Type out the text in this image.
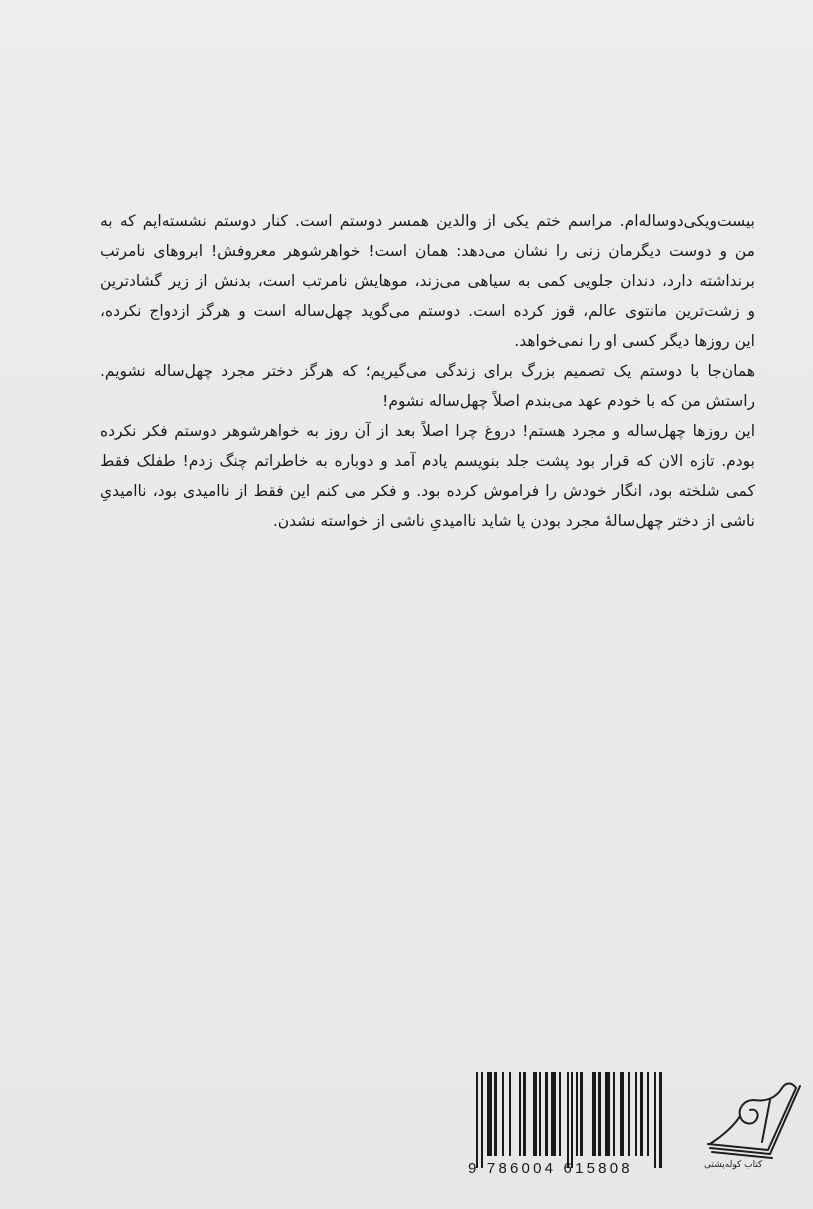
بیست‌ویکی‌دوساله‌ام. مراسم ختم یکی از والدین همسر دوستم است. کنار دوستم نشسته‌ایم که به
من و دوست دیگرمان زنی را نشان می‌دهد: همان است! خواهرشوهر معروفش! ابروهای نامرتب
برنداشته دارد، دندان جلویی کمی به سیاهی می‌زند، موهایش نامرتب است، بدنش از زیر گشادترین
و زشت‌ترین مانتوی عالم، قوز کرده است. دوستم می‌گوید چهل‌ساله است و هرگز ازدواج نکرده،
این روزها دیگر کسی او را نمی‌خواهد.
همان‌جا با دوستم یک تصمیم بزرگ برای زندگی می‌گیریم؛ که هرگز دختر مجرد چهل‌ساله نشویم.
راستش من که با خودم عهد می‌بندم اصلاً چهل‌ساله نشوم!
این روزها چهل‌ساله و مجرد هستم! دروغ چرا اصلاً بعد از آن روز به خواهرشوهر دوستم فکر نکرده
بودم. تازه الان که قرار بود پشت جلد بنویسم یادم آمد و دوباره به خاطراتم چنگ زدم! طفلک فقط
کمی شلخته بود، انگار خودش را فراموش کرده بود. و فکر می کنم این فقط از ناامیدی بود، ناامیدیِ
ناشی از دختر چهل‌سالهٔ مجرد بودن یا شاید ناامیدیِ ناشی از خواسته نشدن.
9 786004 615808	کتاب کوله‌پشتی
